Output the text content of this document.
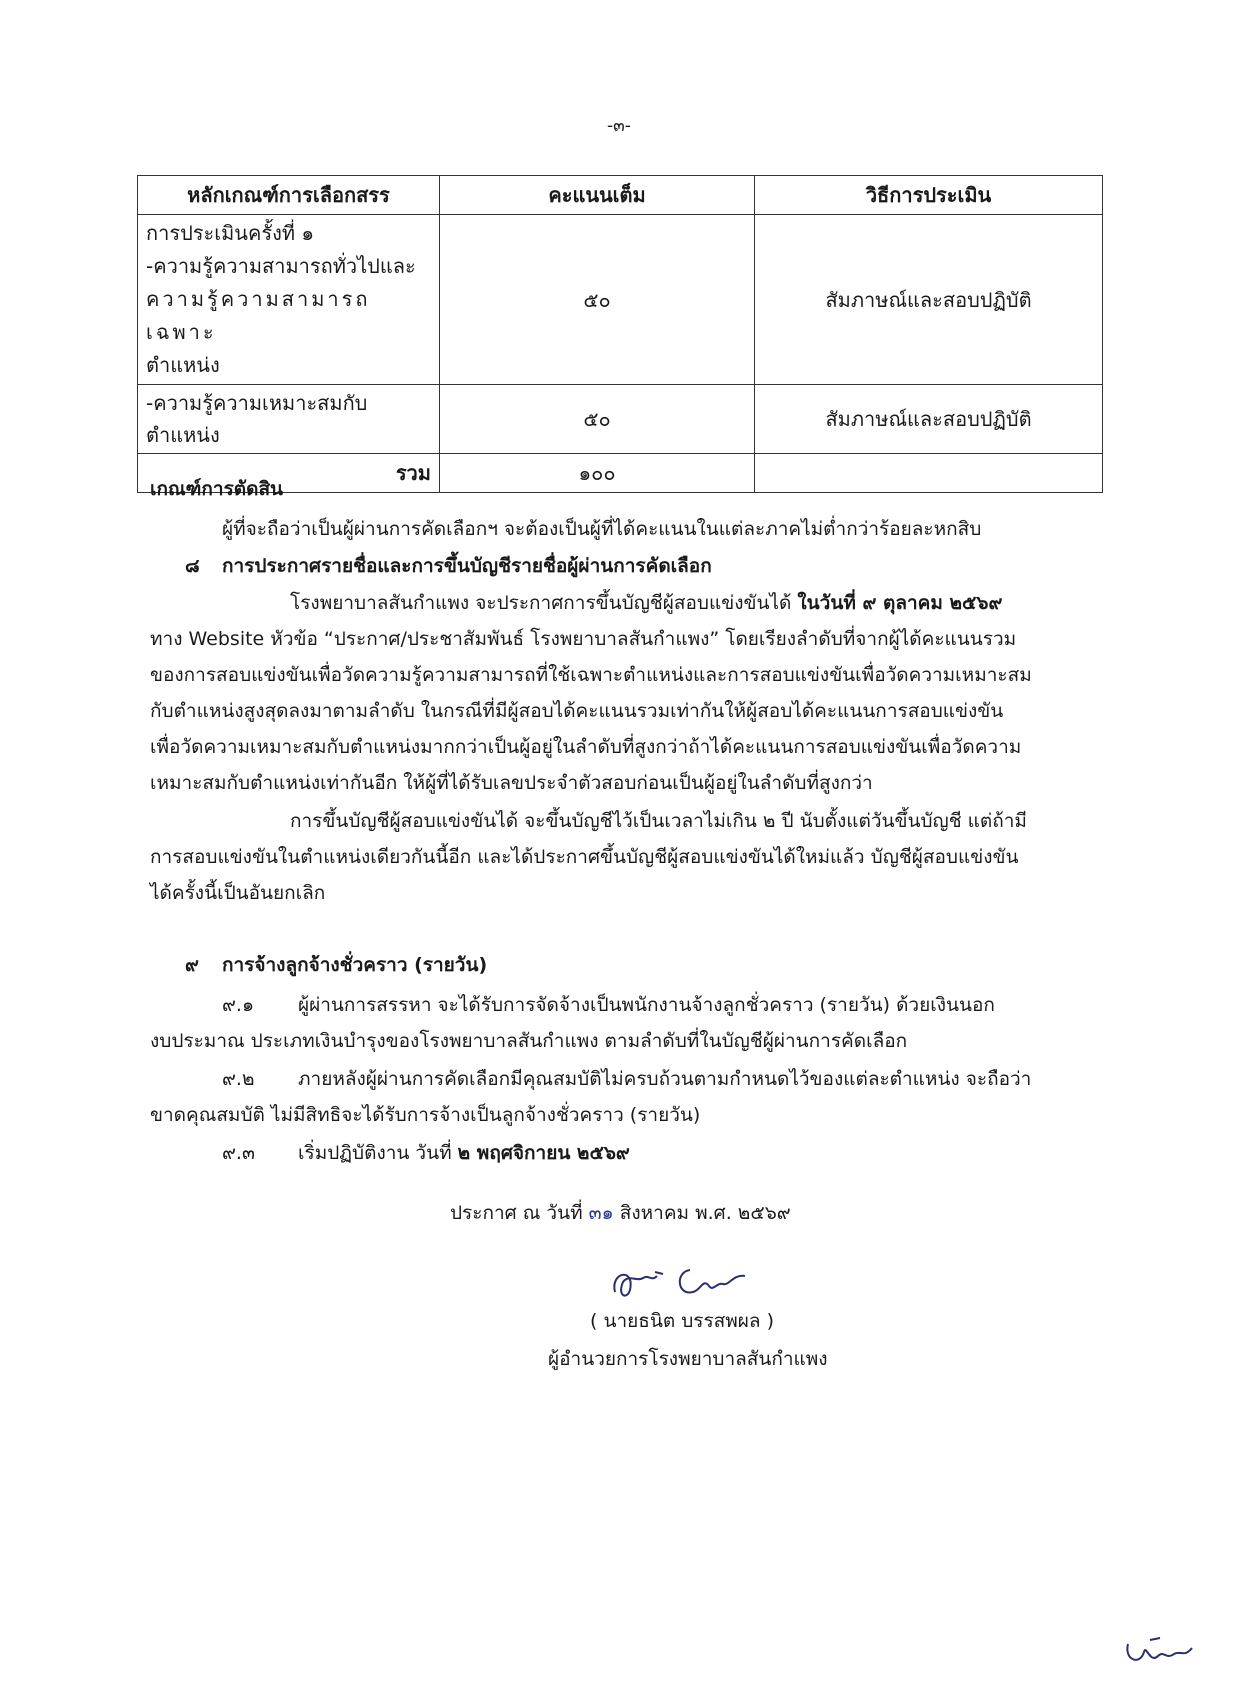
-๓-
หลักเกณฑ์การเลือกสรร	คะแนนเต็ม	วิธีการประเมิน

การประเมินครั้งที่ ๑
-ความรู้ความสามารถทั่วไปและ
ความรู้ความสามารถเฉพาะ
ตำแหน่ง	๕๐	สัมภาษณ์และสอบปฏิบัติ
-ความรู้ความเหมาะสมกับตำแหน่ง	๕๐	สัมภาษณ์และสอบปฏิบัติ
รวม	๑๐๐	
เกณฑ์การตัดสิน
ผู้ที่จะถือว่าเป็นผู้ผ่านการคัดเลือกฯ จะต้องเป็นผู้ที่ได้คะแนนในแต่ละภาคไม่ต่ำกว่าร้อยละหกสิบ
๘ การประกาศรายชื่อและการขึ้นบัญชีรายชื่อผู้ผ่านการคัดเลือก
โรงพยาบาลสันกำแพง จะประกาศการขึ้นบัญชีผู้สอบแข่งขันได้ ในวันที่ ๙ ตุลาคม ๒๕๖๙
ทาง Website หัวข้อ “ประกาศ/ประชาสัมพันธ์ โรงพยาบาลสันกำแพง” โดยเรียงลำดับที่จากผู้ได้คะแนนรวม
ของการสอบแข่งขันเพื่อวัดความรู้ความสามารถที่ใช้เฉพาะตำแหน่งและการสอบแข่งขันเพื่อวัดความเหมาะสม
กับตำแหน่งสูงสุดลงมาตามลำดับ ในกรณีที่มีผู้สอบได้คะแนนรวมเท่ากันให้ผู้สอบได้คะแนนการสอบแข่งขัน
เพื่อวัดความเหมาะสมกับตำแหน่งมากกว่าเป็นผู้อยู่ในลำดับที่สูงกว่าถ้าได้คะแนนการสอบแข่งขันเพื่อวัดความ
เหมาะสมกับตำแหน่งเท่ากันอีก ให้ผู้ที่ได้รับเลขประจำตัวสอบก่อนเป็นผู้อยู่ในลำดับที่สูงกว่า
การขึ้นบัญชีผู้สอบแข่งขันได้ จะขึ้นบัญชีไว้เป็นเวลาไม่เกิน ๒ ปี นับตั้งแต่วันขึ้นบัญชี แต่ถ้ามี
การสอบแข่งขันในตำแหน่งเดียวกันนี้อีก และได้ประกาศขึ้นบัญชีผู้สอบแข่งขันได้ใหม่แล้ว บัญชีผู้สอบแข่งขัน
ได้ครั้งนี้เป็นอันยกเลิก
๙ การจ้างลูกจ้างชั่วคราว (รายวัน)
๙.๑ ผู้ผ่านการสรรหา จะได้รับการจัดจ้างเป็นพนักงานจ้างลูกชั่วคราว (รายวัน) ด้วยเงินนอก
งบประมาณ ประเภทเงินบำรุงของโรงพยาบาลสันกำแพง ตามลำดับที่ในบัญชีผู้ผ่านการคัดเลือก
๙.๒ ภายหลังผู้ผ่านการคัดเลือกมีคุณสมบัติไม่ครบถ้วนตามกำหนดไว้ของแต่ละตำแหน่ง จะถือว่า
ขาดคุณสมบัติ ไม่มีสิทธิจะได้รับการจ้างเป็นลูกจ้างชั่วคราว (รายวัน)
๙.๓ เริ่มปฏิบัติงาน วันที่ ๒ พฤศจิกายน ๒๕๖๙
ประกาศ ณ วันที่ ๓๑ สิงหาคม พ.ศ. ๒๕๖๙
( นายธนิต บรรสพผล )
ผู้อำนวยการโรงพยาบาลสันกำแพง
